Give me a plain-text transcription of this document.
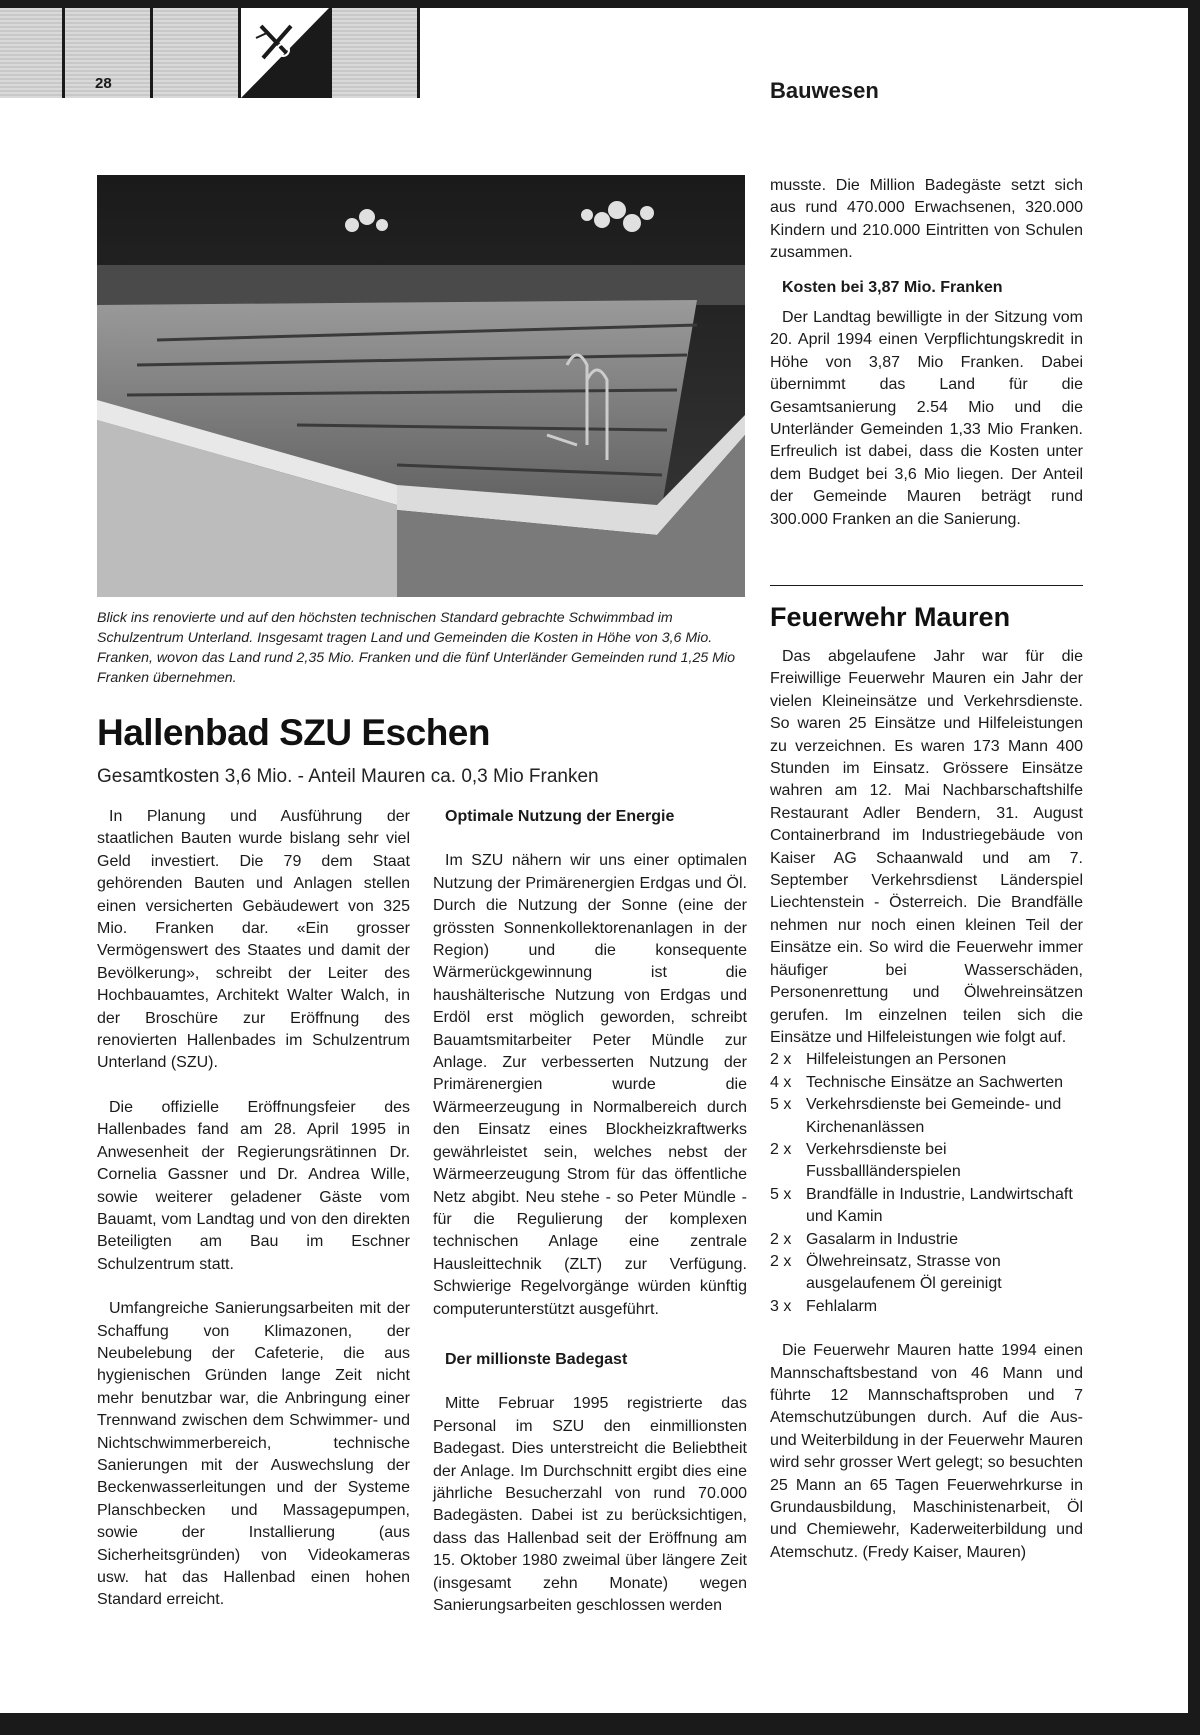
28	Bauwesen
Blick ins renovierte und auf den höchsten technischen Standard gebrachte Schwimmbad im Schulzentrum Unterland. Insgesamt tragen Land und Gemeinden die Kosten in Höhe von 3,6 Mio. Franken, wovon das Land rund 2,35 Mio. Franken und die fünf Unterländer Gemeinden rund 1,25 Mio Franken übernehmen.
Hallenbad SZU Eschen
Gesamtkosten 3,6 Mio. - Anteil Mauren ca. 0,3 Mio Franken

In Planung und Ausführung der staatlichen Bauten wurde bislang sehr viel Geld investiert. Die 79 dem Staat gehörenden Bauten und Anlagen stellen einen versicherten Gebäudewert von 325 Mio. Franken dar. «Ein grosser Vermögenswert des Staates und damit der Bevölkerung», schreibt der Leiter des Hochbauamtes, Architekt Walter Walch, in der Broschüre zur Eröffnung des renovierten Hallenbades im Schulzentrum Unterland (SZU).

Die offizielle Eröffnungsfeier des Hallenbades fand am 28. April 1995 in Anwesenheit der Regierungsrätinnen Dr. Cornelia Gassner und Dr. Andrea Wille, sowie weiterer geladener Gäste vom Bauamt, vom Landtag und von den direkten Beteiligten am Bau im Eschner Schulzentrum statt.

Umfangreiche Sanierungsarbeiten mit der Schaffung von Klimazonen, der Neubelebung der Cafeterie, die aus hygienischen Gründen lange Zeit nicht mehr benutzbar war, die Anbringung einer Trennwand zwischen dem Schwimmer- und Nichtschwimmerbereich, technische Sanierungen mit der Auswechslung der Beckenwasserleitungen und der Systeme Planschbecken und Massagepumpen, sowie der Installierung (aus Sicherheitsgründen) von Videokameras usw. hat das Hallenbad einen hohen Standard erreicht.

Optimale Nutzung der Energie

Im SZU nähern wir uns einer optimalen Nutzung der Primärenergien Erdgas und Öl. Durch die Nutzung der Sonne (eine der grössten Sonnenkollektorenanlagen in der Region) und die konsequente Wärmerückgewinnung ist die haushälterische Nutzung von Erdgas und Erdöl erst möglich geworden, schreibt Bauamtsmitarbeiter Peter Mündle zur Anlage. Zur verbesserten Nutzung der Primärenergien wurde die Wärmeerzeugung in Normalbereich durch den Einsatz eines Blockheizkraftwerks gewährleistet sein, welches nebst der Wärmeerzeugung Strom für das öffentliche Netz abgibt. Neu stehe - so Peter Mündle - für die Regulierung der komplexen technischen Anlage eine zentrale Hausleittechnik (ZLT) zur Verfügung. Schwierige Regelvorgänge würden künftig computerunterstützt ausgeführt.

Der millionste Badegast

Mitte Februar 1995 registrierte das Personal im SZU den einmillionsten Badegast. Dies unterstreicht die Beliebtheit der Anlage. Im Durchschnitt ergibt dies eine jährliche Besucherzahl von rund 70.000 Badegästen. Dabei ist zu berücksichtigen, dass das Hallenbad seit der Eröffnung am 15. Oktober 1980 zweimal über längere Zeit (insgesamt zehn Monate) wegen Sanierungsarbeiten geschlossen werden

musste. Die Million Badegäste setzt sich aus rund 470.000 Erwachsenen, 320.000 Kindern und 210.000 Eintritten von Schulen zusammen.

Kosten bei 3,87 Mio. Franken

Der Landtag bewilligte in der Sitzung vom 20. April 1994 einen Verpflichtungskredit in Höhe von 3,87 Mio Franken. Dabei übernimmt das Land für die Gesamtsanierung 2.54 Mio und die Unterländer Gemeinden 1,33 Mio Franken. Erfreulich ist dabei, dass die Kosten unter dem Budget bei 3,6 Mio liegen. Der Anteil der Gemeinde Mauren beträgt rund 300.000 Franken an die Sanierung.

Feuerwehr Mauren

Das abgelaufene Jahr war für die Freiwillige Feuerwehr Mauren ein Jahr der vielen Kleineinsätze und Verkehrsdienste. So waren 25 Einsätze und Hilfeleistungen zu verzeichnen. Es waren 173 Mann 400 Stunden im Einsatz. Grössere Einsätze wahren am 12. Mai Nachbarschaftshilfe Restaurant Adler Bendern, 31. August Containerbrand im Industriegebäude von Kaiser AG Schaanwald und am 7. September Verkehrsdienst Länderspiel Liechtenstein - Österreich. Die Brandfälle nehmen nur noch einen kleinen Teil der Einsätze ein. So wird die Feuerwehr immer häufiger bei Wasserschäden, Personenrettung und Ölwehreinsätzen gerufen. Im einzelnen teilen sich die Einsätze und Hilfeleistungen wie folgt auf.

2 x Hilfeleistungen an Personen
4 x Technische Einsätze an Sachwerten
5 x Verkehrsdienste bei Gemeinde- und Kirchenanlässen
2 x Verkehrsdienste bei Fussballländerspielen
5 x Brandfälle in Industrie, Landwirtschaft und Kamin
2 x Gasalarm in Industrie
2 x Ölwehreinsatz, Strasse von ausgelaufenem Öl gereinigt
3 x Fehlalarm

Die Feuerwehr Mauren hatte 1994 einen Mannschaftsbestand von 46 Mann und führte 12 Mannschaftsproben und 7 Atemschutzübungen durch. Auf die Aus- und Weiterbildung in der Feuerwehr Mauren wird sehr grosser Wert gelegt; so besuchten 25 Mann an 65 Tagen Feuerwehrkurse in Grundausbildung, Maschinistenarbeit, Öl und Chemiewehr, Kaderweiterbildung und Atemschutz. (Fredy Kaiser, Mauren)
